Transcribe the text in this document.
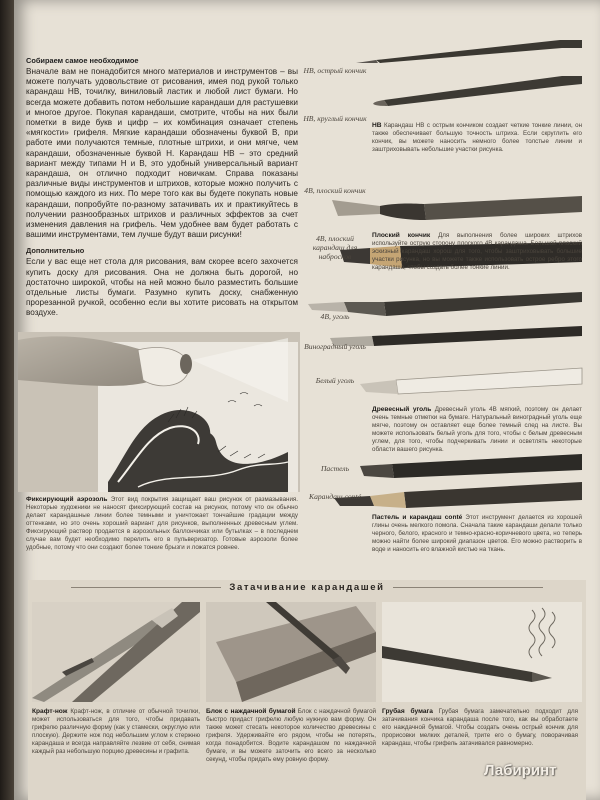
Собираем самое необходимое

Вначале вам не понадобится много материалов и инструментов – вы можете получать удовольствие от рисования, имея под рукой только карандаш HB, точилку, виниловый ластик и любой лист бумаги. Но всегда можете добавить потом небольшие карандаши для растушевки и многое другое. Покупая карандаши, смотрите, чтобы на них были пометки в виде букв и цифр – их комбинация означает степень «мягкости» грифеля. Мягкие карандаши обозначены буквой B, при работе ими получаются темные, плотные штрихи, и они мягче, чем карандаши, обозначенные буквой H. Карандаш HB – это средний вариант между типами H и B, это удобный универсальный вариант карандаша, он отлично подходит новичкам. Справа показаны различные виды инструментов и штрихов, которые можно получить с помощью каждого из них. По мере того как вы будете покупать новые карандаши, попробуйте по-разному затачивать их и практикуйтесь в получении разнообразных штрихов и различных эффектов за счет изменения давления на грифель. Чем удобнее вам будет работать с вашими инструментами, тем лучше будут ваши рисунки!

Дополнительно

Если у вас еще нет стола для рисования, вам скорее всего захочется купить доску для рисования. Она не должна быть дорогой, но достаточно широкой, чтобы на ней можно было разместить большие отдельные листы бумаги. Разумно купить доску, снабженную прорезанной ручкой, особенно если вы хотите рисовать на открытом воздухе.

Фиксирующий аэрозоль Этот вид покрытия защищает ваш рисунок от размазывания. Некоторые художники не наносят фиксирующий состав на рисунок, потому что он обычно делает карандашные линии более темными и уничтожает тончайшие градации между оттенками, но это очень хороший вариант для рисунков, выполненных древесным углем. Фиксирующий раствор продается в аэрозольных баллончиках или бутылках – в последнем случае вам будет необходимо перелить его в пульверизатор. Готовые аэрозоли более удобные, потому что они создают более тонкие брызги и ложатся ровнее.
HB, острый кончик
HB, круглый кончик
4B, плоский кончик
4B, плоский карандаш для набросков
4B, уголь
Виноградный уголь
Белый уголь
Пастель
Карандаш conté
HB Карандаш HB с острым кончиком создает четкие тонкие линии, он также обеспечивает большую точность штриха. Если скруглить его кончик, вы можете наносить немного более толстые линии и заштриховывать небольшие участки рисунка.
Плоский кончик Для выполнения более широких штрихов используйте острую сторону плоского 4B карандаша. Большой плоский эскизный карандаш хорош для того, чтобы заштриховывать большие участки рисунка, но вы можете также использовать острое ребро этого карандаша, чтобы создать более тонкие линии.
Древесный уголь Древесный уголь 4B мягкий, поэтому он делает очень темные отметки на бумаге. Натуральный виноградный уголь еще мягче, поэтому он оставляет еще более темный след на листе. Вы можете использовать белый уголь для того, чтобы с белым древесным углем, для того, чтобы подчеркивать линии и осветлять некоторые области вашего рисунка.
Пастель и карандаш conté Этот инструмент делается из хорошей глины очень мелкого помола. Сначала такие карандаши делали только черного, белого, красного и темно-красно-коричневого цвета, но теперь можно найти более широкий диапазон цветов. Его можно растворить в воде и наносить его влажной кистью на ткань.
Затачивание карандашей
Крафт-нож Крафт-нож, в отличие от обычной точилки, может использоваться для того, чтобы придавать грифелю различную форму (как у стамески, округлую или плоскую). Держите нож под небольшим углом к стержню карандаша и всегда направляйте лезвие от себя, снимая каждый раз небольшую порцию древесины и графита.
Блок с наждачной бумагой Блок с наждачной бумагой быстро придаст грифелю любую нужную вам форму. Он также может стесать некоторое количество древесины с грифеля. Удерживайте его рядом, чтобы не потерять, когда понадобится. Водите карандашом по наждачной бумаге, и вы можете заточить его всего за несколько секунд, чтобы придать ему ровную форму.
Грубая бумага Грубая бумага замечательно подходит для затачивания кончика карандаша после того, как вы обработаете его наждачной бумагой. Чтобы создать очень острый кончик для прорисовки мелких деталей, трите его о бумагу, поворачивая карандаш, чтобы грифель затачивался равномерно.
Лабиринт
